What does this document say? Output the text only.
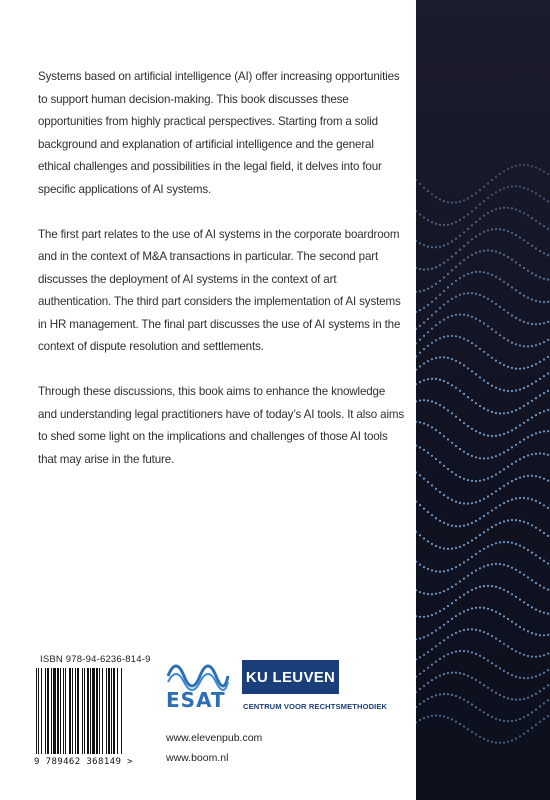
Systems based on artificial intelligence (AI) offer increasing opportunities to support human decision-making. This book discusses these opportunities from highly practical perspectives. Starting from a solid background and explanation of artificial intelligence and the general ethical challenges and possibilities in the legal field, it delves into four specific applications of AI systems.

The first part relates to the use of AI systems in the corporate boardroom and in the context of M&A transactions in particular. The second part discusses the deployment of AI systems in the context of art authentication. The third part considers the implementation of AI systems in HR management. The final part discusses the use of AI systems in the context of dispute resolution and settlements.

Through these discussions, this book aims to enhance the knowledge and understanding legal practitioners have of today’s AI tools. It also aims to shed some light on the implications and challenges of those AI tools that may arise in the future.

ISBN 978-94-6236-814-9
9 789462 368149 >
ESAT
KU LEUVEN
CENTRUM VOOR RECHTSMETHODIEK
www.elevenpub.com
www.boom.nl
